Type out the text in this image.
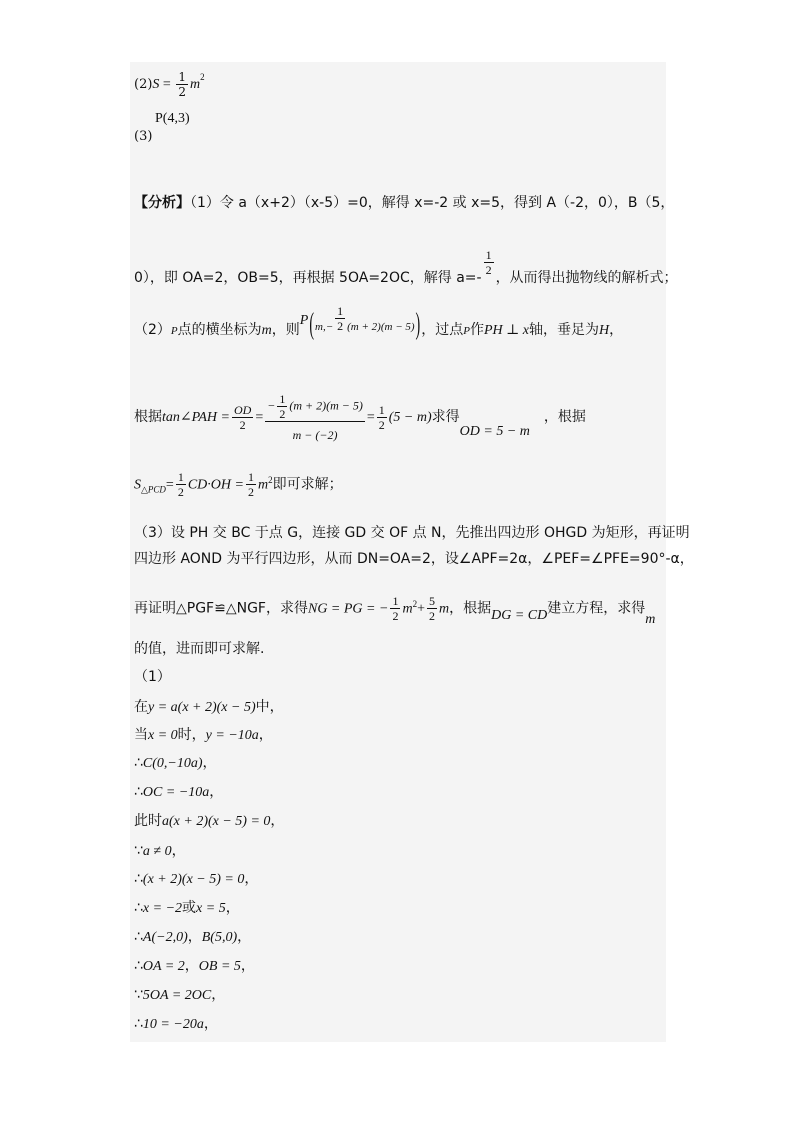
$(2)S = \frac{1}{2} m^2$
P(4,3)
(3)
【分析】（1）令 a（x+2）（x-5）=0，解得 x=-2 或 x=5，得到 A（-2，0），B（5，
0），即 OA=2，OB=5，再根据 5OA=2OC，解得 a=-
$\frac{1}{2}$
，从而得出抛物线的解析式；
（2）P点的横坐标为m，则$P(^{m,-} \frac{1}{2} ^{(m + 2)(m - 5)})$，过点P作PH ⊥ x轴，垂足为H，
根据tan∠PAH = $\frac{OD}{2} = \frac{- \frac{1}{2} (m + 2)(m - 5)}{m - (-2)} = \frac{1}{2} (5 - m)$求得OD = 5 − m，根据
$S_{\triangle PCD}= \frac{1}{2} CD\cdot OH = \frac{1}{2} m^2$即可求解；
（3）设 PH 交 BC 于点 G，连接 GD 交 OF 点 N，先推出四边形 OHGD 为矩形，再证明
四边形 AOND 为平行四边形，从而 DN=OA=2，设∠APF=2α，∠PEF=∠PFE=90°-α，
再证明△PGF≌△NGF，求得NG = PG = − $\frac{1}{2} m^2+ \frac{5}{2}$ m，根据DG = CD建立方程，求得m
的值，进而即可求解.
（1）
在y = a(x + 2)(x − 5)中，
当x = 0时，y = −10a，
∴C(0,−10a)，
∴OC = −10a，
此时a(x + 2)(x − 5) = 0，
∵a ≠ 0，
∴(x + 2)(x − 5) = 0，
∴x = −2或x = 5，
∴A(−2,0)，B(5,0)，
∴OA = 2，OB = 5，
∵5OA = 2OC，
∴10 = −20a，
